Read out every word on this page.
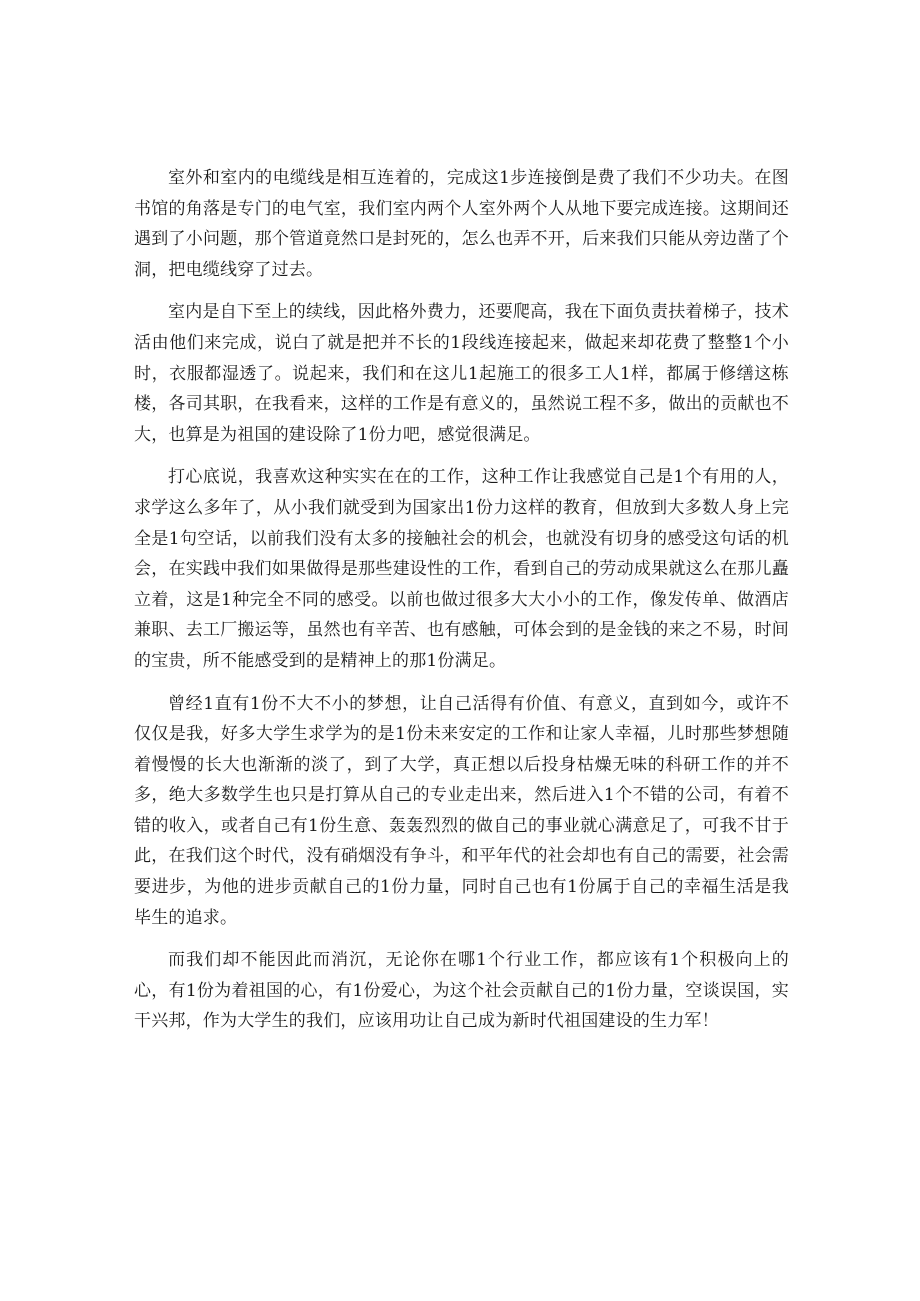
室外和室内的电缆线是相互连着的，完成这1步连接倒是费了我们不少功夫。在图书馆的角落是专门的电气室，我们室内两个人室外两个人从地下要完成连接。这期间还遇到了小问题，那个管道竟然口是封死的，怎么也弄不开，后来我们只能从旁边凿了个洞，把电缆线穿了过去。

室内是自下至上的续线，因此格外费力，还要爬高，我在下面负责扶着梯子，技术活由他们来完成，说白了就是把并不长的1段线连接起来，做起来却花费了整整1个小时，衣服都湿透了。说起来，我们和在这儿1起施工的很多工人1样，都属于修缮这栋楼，各司其职，在我看来，这样的工作是有意义的，虽然说工程不多，做出的贡献也不大，也算是为祖国的建设除了1份力吧，感觉很满足。

打心底说，我喜欢这种实实在在的工作，这种工作让我感觉自己是1个有用的人，求学这么多年了，从小我们就受到为国家出1份力这样的教育，但放到大多数人身上完全是1句空话，以前我们没有太多的接触社会的机会，也就没有切身的感受这句话的机会，在实践中我们如果做得是那些建设性的工作，看到自己的劳动成果就这么在那儿矗立着，这是1种完全不同的感受。以前也做过很多大大小小的工作，像发传单、做酒店兼职、去工厂搬运等，虽然也有辛苦、也有感触，可体会到的是金钱的来之不易，时间的宝贵，所不能感受到的是精神上的那1份满足。

曾经1直有1份不大不小的梦想，让自己活得有价值、有意义，直到如今，或许不仅仅是我，好多大学生求学为的是1份未来安定的工作和让家人幸福，儿时那些梦想随着慢慢的长大也渐渐的淡了，到了大学，真正想以后投身枯燥无味的科研工作的并不多，绝大多数学生也只是打算从自己的专业走出来，然后进入1个不错的公司，有着不错的收入，或者自己有1份生意、轰轰烈烈的做自己的事业就心满意足了，可我不甘于此，在我们这个时代，没有硝烟没有争斗，和平年代的社会却也有自己的需要，社会需要进步，为他的进步贡献自己的1份力量，同时自己也有1份属于自己的幸福生活是我毕生的追求。

而我们却不能因此而消沉，无论你在哪1个行业工作，都应该有1个积极向上的心，有1份为着祖国的心，有1份爱心，为这个社会贡献自己的1份力量，空谈误国，实干兴邦，作为大学生的我们，应该用功让自己成为新时代祖国建设的生力军！
